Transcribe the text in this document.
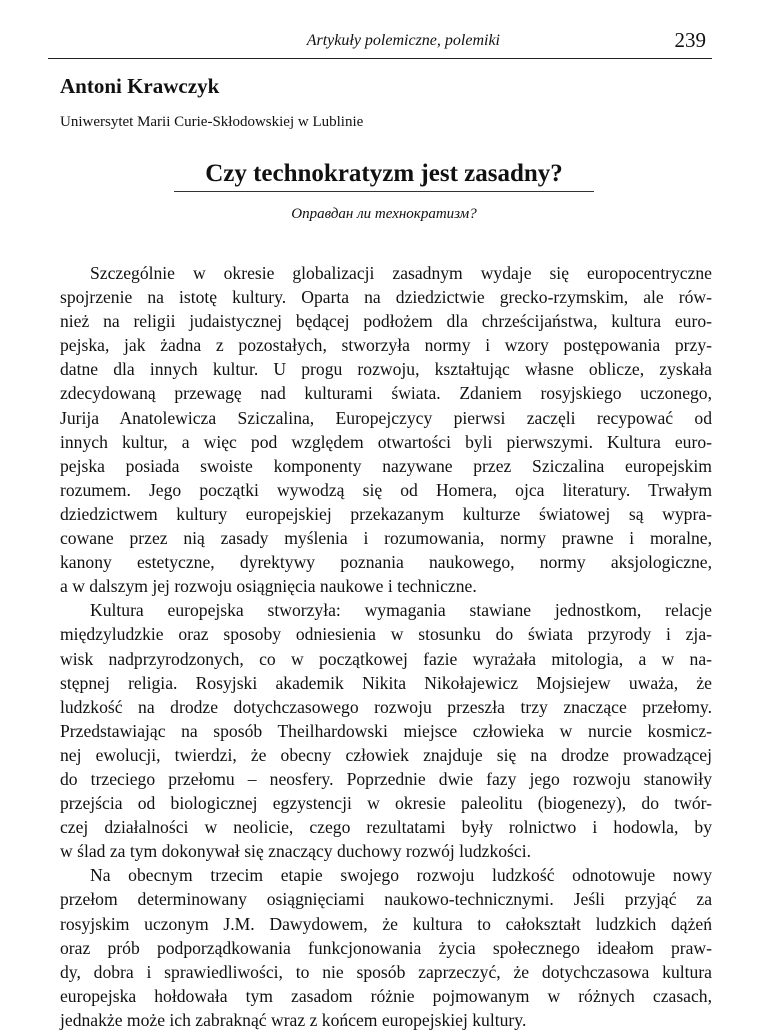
Artykuły polemiczne, polemiki	239
Antoni Krawczyk
Uniwersytet Marii Curie-Skłodowskiej w Lublinie
Czy technokratyzm jest zasadny?
Оправдан ли технократизм?
Szczególnie w okresie globalizacji zasadnym wydaje się europocentryczne
spojrzenie na istotę kultury. Oparta na dziedzictwie grecko-rzymskim, ale rów-
nież na religii judaistycznej będącej podłożem dla chrześcijaństwa, kultura euro-
pejska, jak żadna z pozostałych, stworzyła normy i wzory postępowania przy-
datne dla innych kultur. U progu rozwoju, kształtując własne oblicze, zyskała
zdecydowaną przewagę nad kulturami świata. Zdaniem rosyjskiego uczonego,
Jurija Anatolewicza Sziczalina, Europejczycy pierwsi zaczęli recypować od
innych kultur, a więc pod względem otwartości byli pierwszymi. Kultura euro-
pejska posiada swoiste komponenty nazywane przez Sziczalina europejskim
rozumem. Jego początki wywodzą się od Homera, ojca literatury. Trwałym
dziedzictwem kultury europejskiej przekazanym kulturze światowej są wypra-
cowane przez nią zasady myślenia i rozumowania, normy prawne i moralne,
kanony estetyczne, dyrektywy poznania naukowego, normy aksjologiczne,
a w dalszym jej rozwoju osiągnięcia naukowe i techniczne.
Kultura europejska stworzyła: wymagania stawiane jednostkom, relacje
międzyludzkie oraz sposoby odniesienia w stosunku do świata przyrody i zja-
wisk nadprzyrodzonych, co w początkowej fazie wyrażała mitologia, a w na-
stępnej religia. Rosyjski akademik Nikita Nikołajewicz Mojsiejew uważa, że
ludzkość na drodze dotychczasowego rozwoju przeszła trzy znaczące przełomy.
Przedstawiając na sposób Theilhardowski miejsce człowieka w nurcie kosmicz-
nej ewolucji, twierdzi, że obecny człowiek znajduje się na drodze prowadzącej
do trzeciego przełomu – neosfery. Poprzednie dwie fazy jego rozwoju stanowiły
przejścia od biologicznej egzystencji w okresie paleolitu (biogenezy), do twór-
czej działalności w neolicie, czego rezultatami były rolnictwo i hodowla, by
w ślad za tym dokonywał się znaczący duchowy rozwój ludzkości.
Na obecnym trzecim etapie swojego rozwoju ludzkość odnotowuje nowy
przełom determinowany osiągnięciami naukowo-technicznymi. Jeśli przyjąć za
rosyjskim uczonym J.M. Dawydowem, że kultura to całokształt ludzkich dążeń
oraz prób podporządkowania funkcjonowania życia społecznego ideałom praw-
dy, dobra i sprawiedliwości, to nie sposób zaprzeczyć, że dotychczasowa kultura
europejska hołdowała tym zasadom różnie pojmowanym w różnych czasach,
jednakże może ich zabraknąć wraz z końcem europejskiej kultury.
